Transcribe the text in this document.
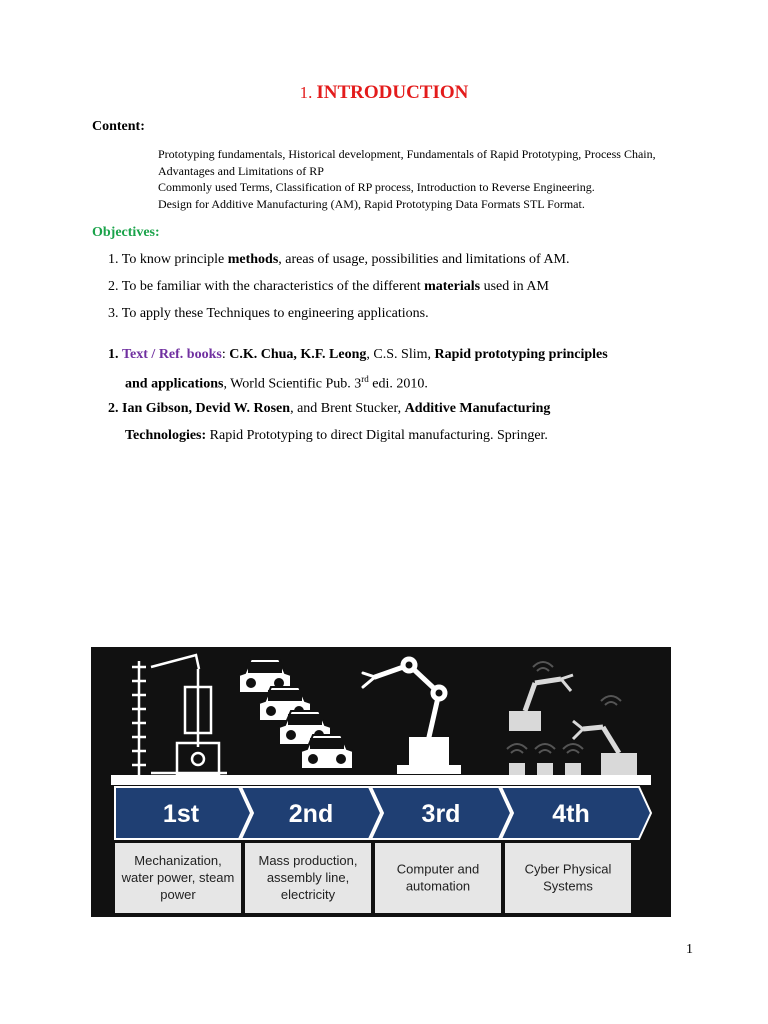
1. INTRODUCTION
Content:
Prototyping fundamentals, Historical development, Fundamentals of Rapid Prototyping, Process Chain,
Advantages and Limitations of RP
Commonly used Terms, Classification of RP process, Introduction to Reverse Engineering.
Design for Additive Manufacturing (AM), Rapid Prototyping Data Formats STL Format.
Objectives:
1. To know principle methods, areas of usage, possibilities and limitations of AM.
2. To be familiar with the characteristics of the different materials used in AM
3. To apply these Techniques to engineering applications.
1. Text / Ref. books: C.K. Chua, K.F. Leong, C.S. Slim, Rapid prototyping principles
and applications, World Scientific Pub. 3rd edi. 2010.
2. Ian Gibson, Devid W. Rosen, and Brent Stucker, Additive Manufacturing
Technologies: Rapid Prototyping to direct Digital manufacturing. Springer.
1st	2nd	3rd	4th
Mechanization, water power, steam power
Mass production, assembly line, electricity
Computer and automation
Cyber Physical Systems
1
